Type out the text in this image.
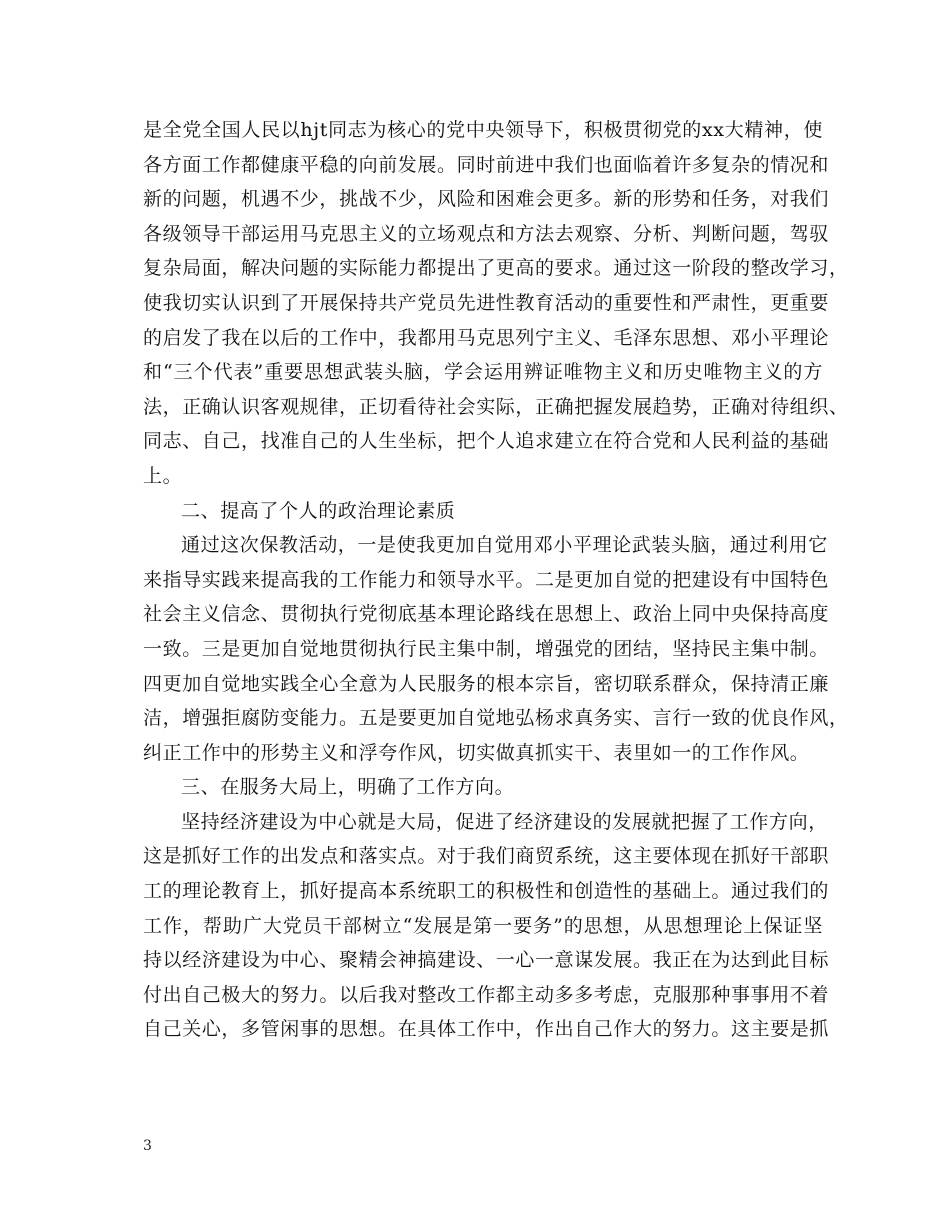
是全党全国人民以hjt同志为核心的党中央领导下，积极贯彻党的xx大精神，使
各方面工作都健康平稳的向前发展。同时前进中我们也面临着许多复杂的情况和
新的问题，机遇不少，挑战不少，风险和困难会更多。新的形势和任务，对我们
各级领导干部运用马克思主义的立场观点和方法去观察、分析、判断问题，驾驭
复杂局面，解决问题的实际能力都提出了更高的要求。通过这一阶段的整改学习，
使我切实认识到了开展保持共产党员先进性教育活动的重要性和严肃性，更重要
的启发了我在以后的工作中，我都用马克思列宁主义、毛泽东思想、邓小平理论
和“三个代表”重要思想武装头脑，学会运用辨证唯物主义和历史唯物主义的方
法，正确认识客观规律，正切看待社会实际，正确把握发展趋势，正确对待组织、
同志、自己，找准自己的人生坐标，把个人追求建立在符合党和人民利益的基础
上。
二、提高了个人的政治理论素质
通过这次保教活动，一是使我更加自觉用邓小平理论武装头脑，通过利用它
来指导实践来提高我的工作能力和领导水平。二是更加自觉的把建设有中国特色
社会主义信念、贯彻执行党彻底基本理论路线在思想上、政治上同中央保持高度
一致。三是更加自觉地贯彻执行民主集中制，增强党的团结，坚持民主集中制。
四更加自觉地实践全心全意为人民服务的根本宗旨，密切联系群众，保持清正廉
洁，增强拒腐防变能力。五是要更加自觉地弘杨求真务实、言行一致的优良作风，
纠正工作中的形势主义和浮夸作风，切实做真抓实干、表里如一的工作作风。
三、在服务大局上，明确了工作方向。
坚持经济建设为中心就是大局，促进了经济建设的发展就把握了工作方向，
这是抓好工作的出发点和落实点。对于我们商贸系统，这主要体现在抓好干部职
工的理论教育上，抓好提高本系统职工的积极性和创造性的基础上。通过我们的
工作，帮助广大党员干部树立“发展是第一要务”的思想，从思想理论上保证坚
持以经济建设为中心、聚精会神搞建设、一心一意谋发展。我正在为达到此目标
付出自己极大的努力。以后我对整改工作都主动多多考虑，克服那种事事用不着
自己关心，多管闲事的思想。在具体工作中，作出自己作大的努力。这主要是抓
3
